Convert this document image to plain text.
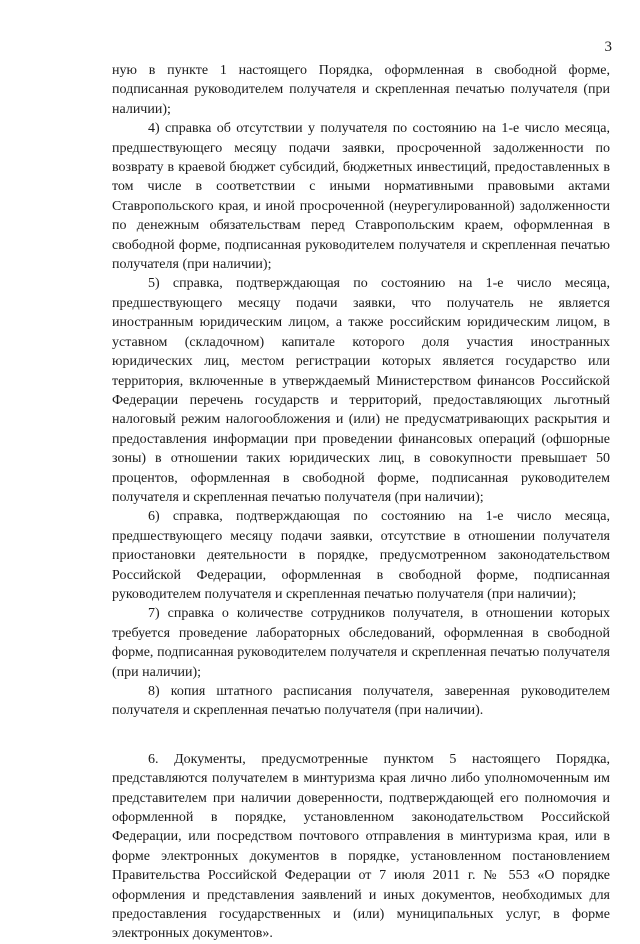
3

ную в пункте 1 настоящего Порядка, оформленная в свободной форме, подписанная руководителем получателя и скрепленная печатью получателя (при наличии);

4) справка об отсутствии у получателя по состоянию на 1-е число месяца, предшествующего месяцу подачи заявки, просроченной задолженности по возврату в краевой бюджет субсидий, бюджетных инвестиций, предоставленных в том числе в соответствии с иными нормативными правовыми актами Ставропольского края, и иной просроченной (неурегулированной) задолженности по денежным обязательствам перед Ставропольским краем, оформленная в свободной форме, подписанная руководителем получателя и скрепленная печатью получателя (при наличии);

5) справка, подтверждающая по состоянию на 1-е число месяца, предшествующего месяцу подачи заявки, что получатель не является иностранным юридическим лицом, а также российским юридическим лицом, в уставном (складочном) капитале которого доля участия иностранных юридических лиц, местом регистрации которых является государство или территория, включенные в утверждаемый Министерством финансов Российской Федерации перечень государств и территорий, предоставляющих льготный налоговый режим налогообложения и (или) не предусматривающих раскрытия и предоставления информации при проведении финансовых операций (офшорные зоны) в отношении таких юридических лиц, в совокупности превышает 50 процентов, оформленная в свободной форме, подписанная руководителем получателя и скрепленная печатью получателя (при наличии);

6) справка, подтверждающая по состоянию на 1-е число месяца, предшествующего месяцу подачи заявки, отсутствие в отношении получателя приостановки деятельности в порядке, предусмотренном законодательством Российской Федерации, оформленная в свободной форме, подписанная руководителем получателя и скрепленная печатью получателя (при наличии);

7) справка о количестве сотрудников получателя, в отношении которых требуется проведение лабораторных обследований, оформленная в свободной форме, подписанная руководителем получателя и скрепленная печатью получателя (при наличии);

8) копия штатного расписания получателя, заверенная руководителем получателя и скрепленная печатью получателя (при наличии).

6. Документы, предусмотренные пунктом 5 настоящего Порядка, представляются получателем в минтуризма края лично либо уполномоченным им представителем при наличии доверенности, подтверждающей его полномочия и оформленной в порядке, установленном законодательством Российской Федерации, или посредством почтового отправления в минтуризма края, или в форме электронных документов в порядке, установленном постановлением Правительства Российской Федерации от 7 июля 2011 г. № 553 «О порядке оформления и представления заявлений и иных документов, необходимых для предоставления государственных и (или) муниципальных услуг, в форме электронных документов».
